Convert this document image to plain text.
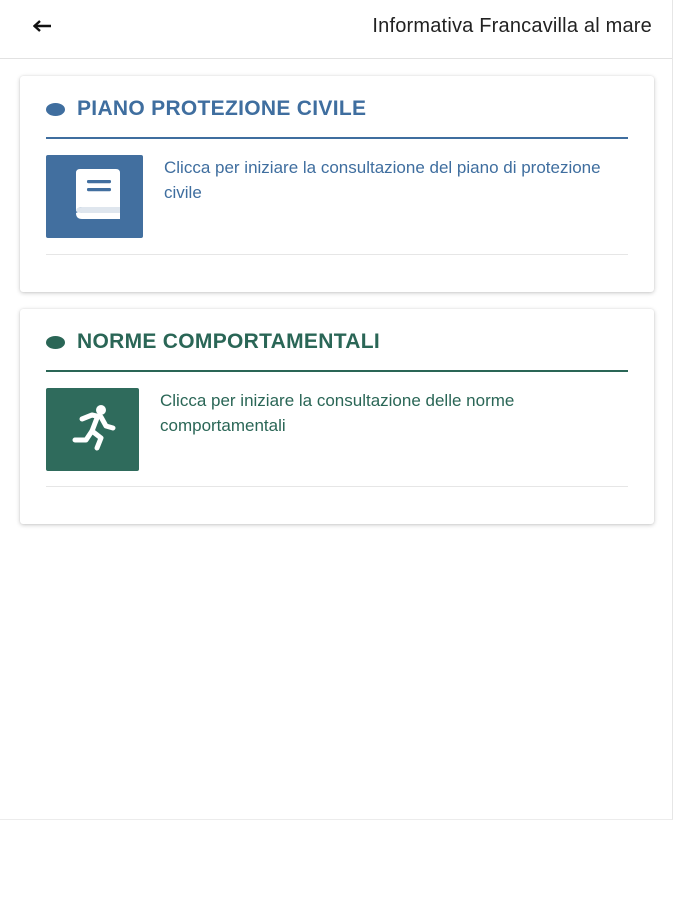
Informativa Francavilla al mare
PIANO PROTEZIONE CIVILE
Clicca per iniziare la consultazione del piano di protezione civile
NORME COMPORTAMENTALI
Clicca per iniziare la consultazione delle norme comportamentali
